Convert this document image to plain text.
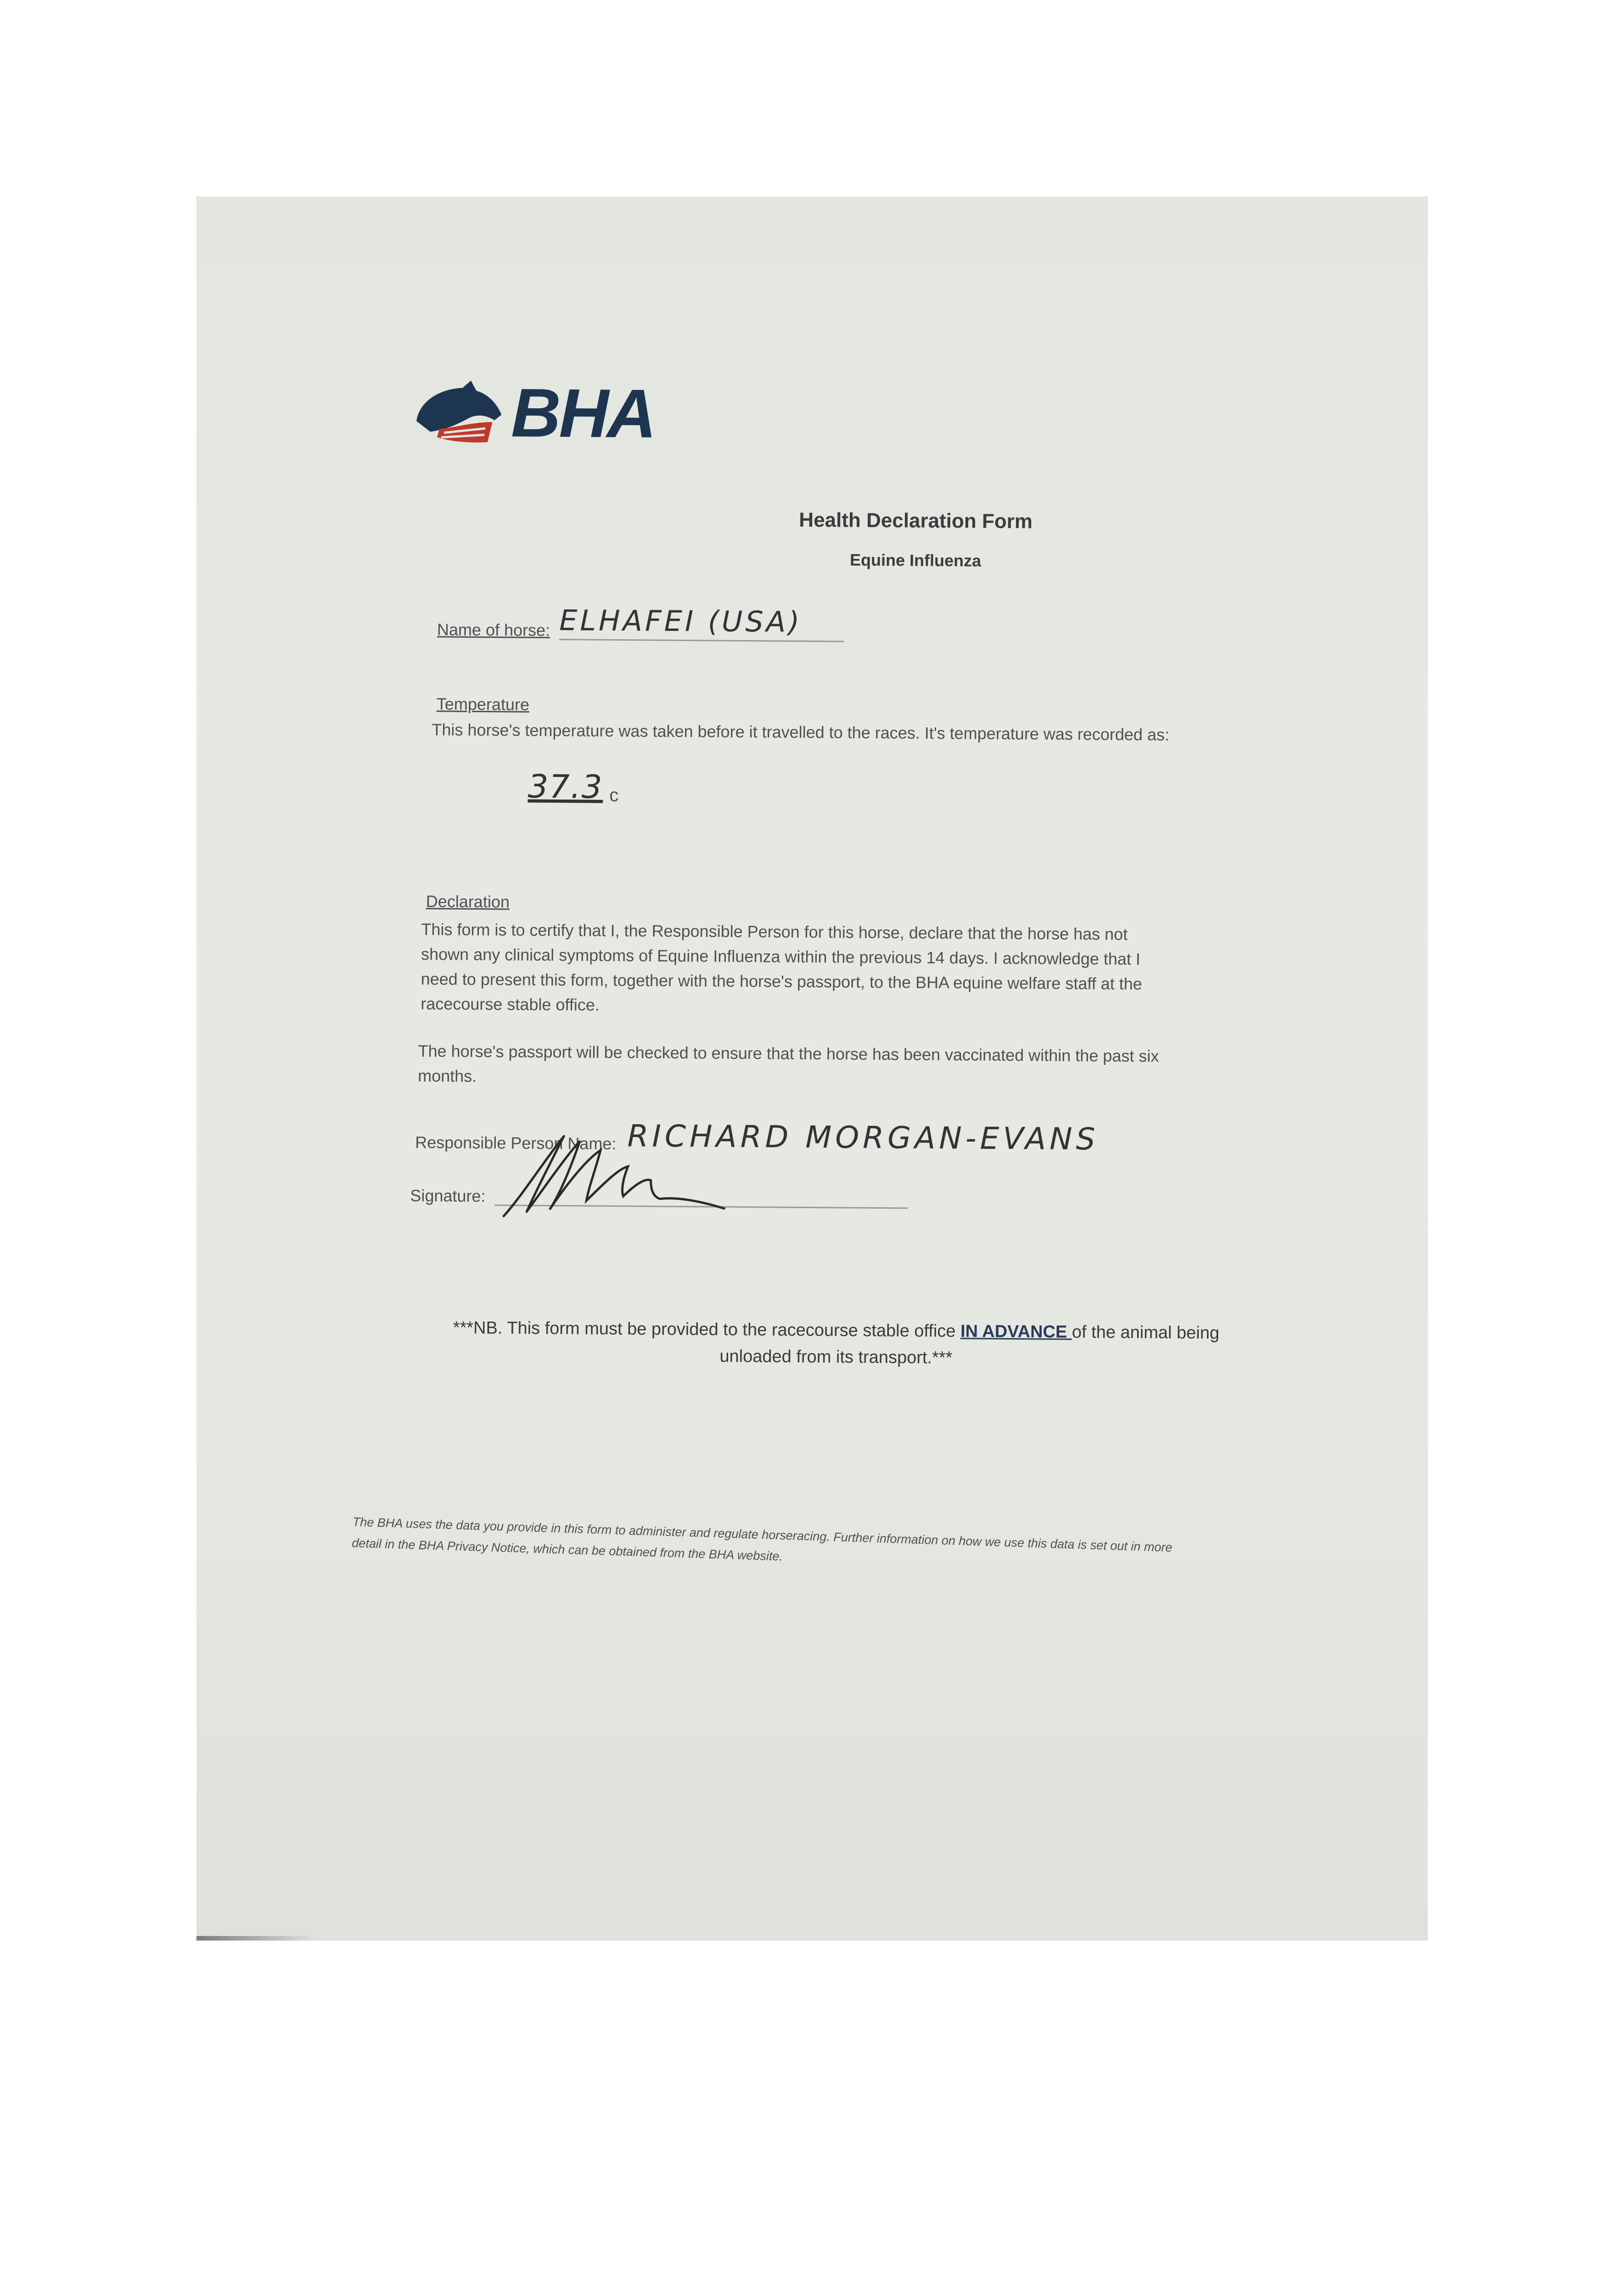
BHA
Health Declaration Form
Equine Influenza
Name of horse: ELHAFEI (USA)
Temperature
This horse's temperature was taken before it travelled to the races. It's temperature was recorded as:
37.3 c
Declaration
This form is to certify that I, the Responsible Person for this horse, declare that the horse has not shown any clinical symptoms of Equine Influenza within the previous 14 days. I acknowledge that I need to present this form, together with the horse's passport, to the BHA equine welfare staff at the racecourse stable office.
The horse's passport will be checked to ensure that the horse has been vaccinated within the past six months.
Responsible Person Name: RICHARD MORGAN-EVANS
Signature:
***NB. This form must be provided to the racecourse stable office IN ADVANCE of the animal being unloaded from its transport.***
The BHA uses the data you provide in this form to administer and regulate horseracing. Further information on how we use this data is set out in more detail in the BHA Privacy Notice, which can be obtained from the BHA website.
